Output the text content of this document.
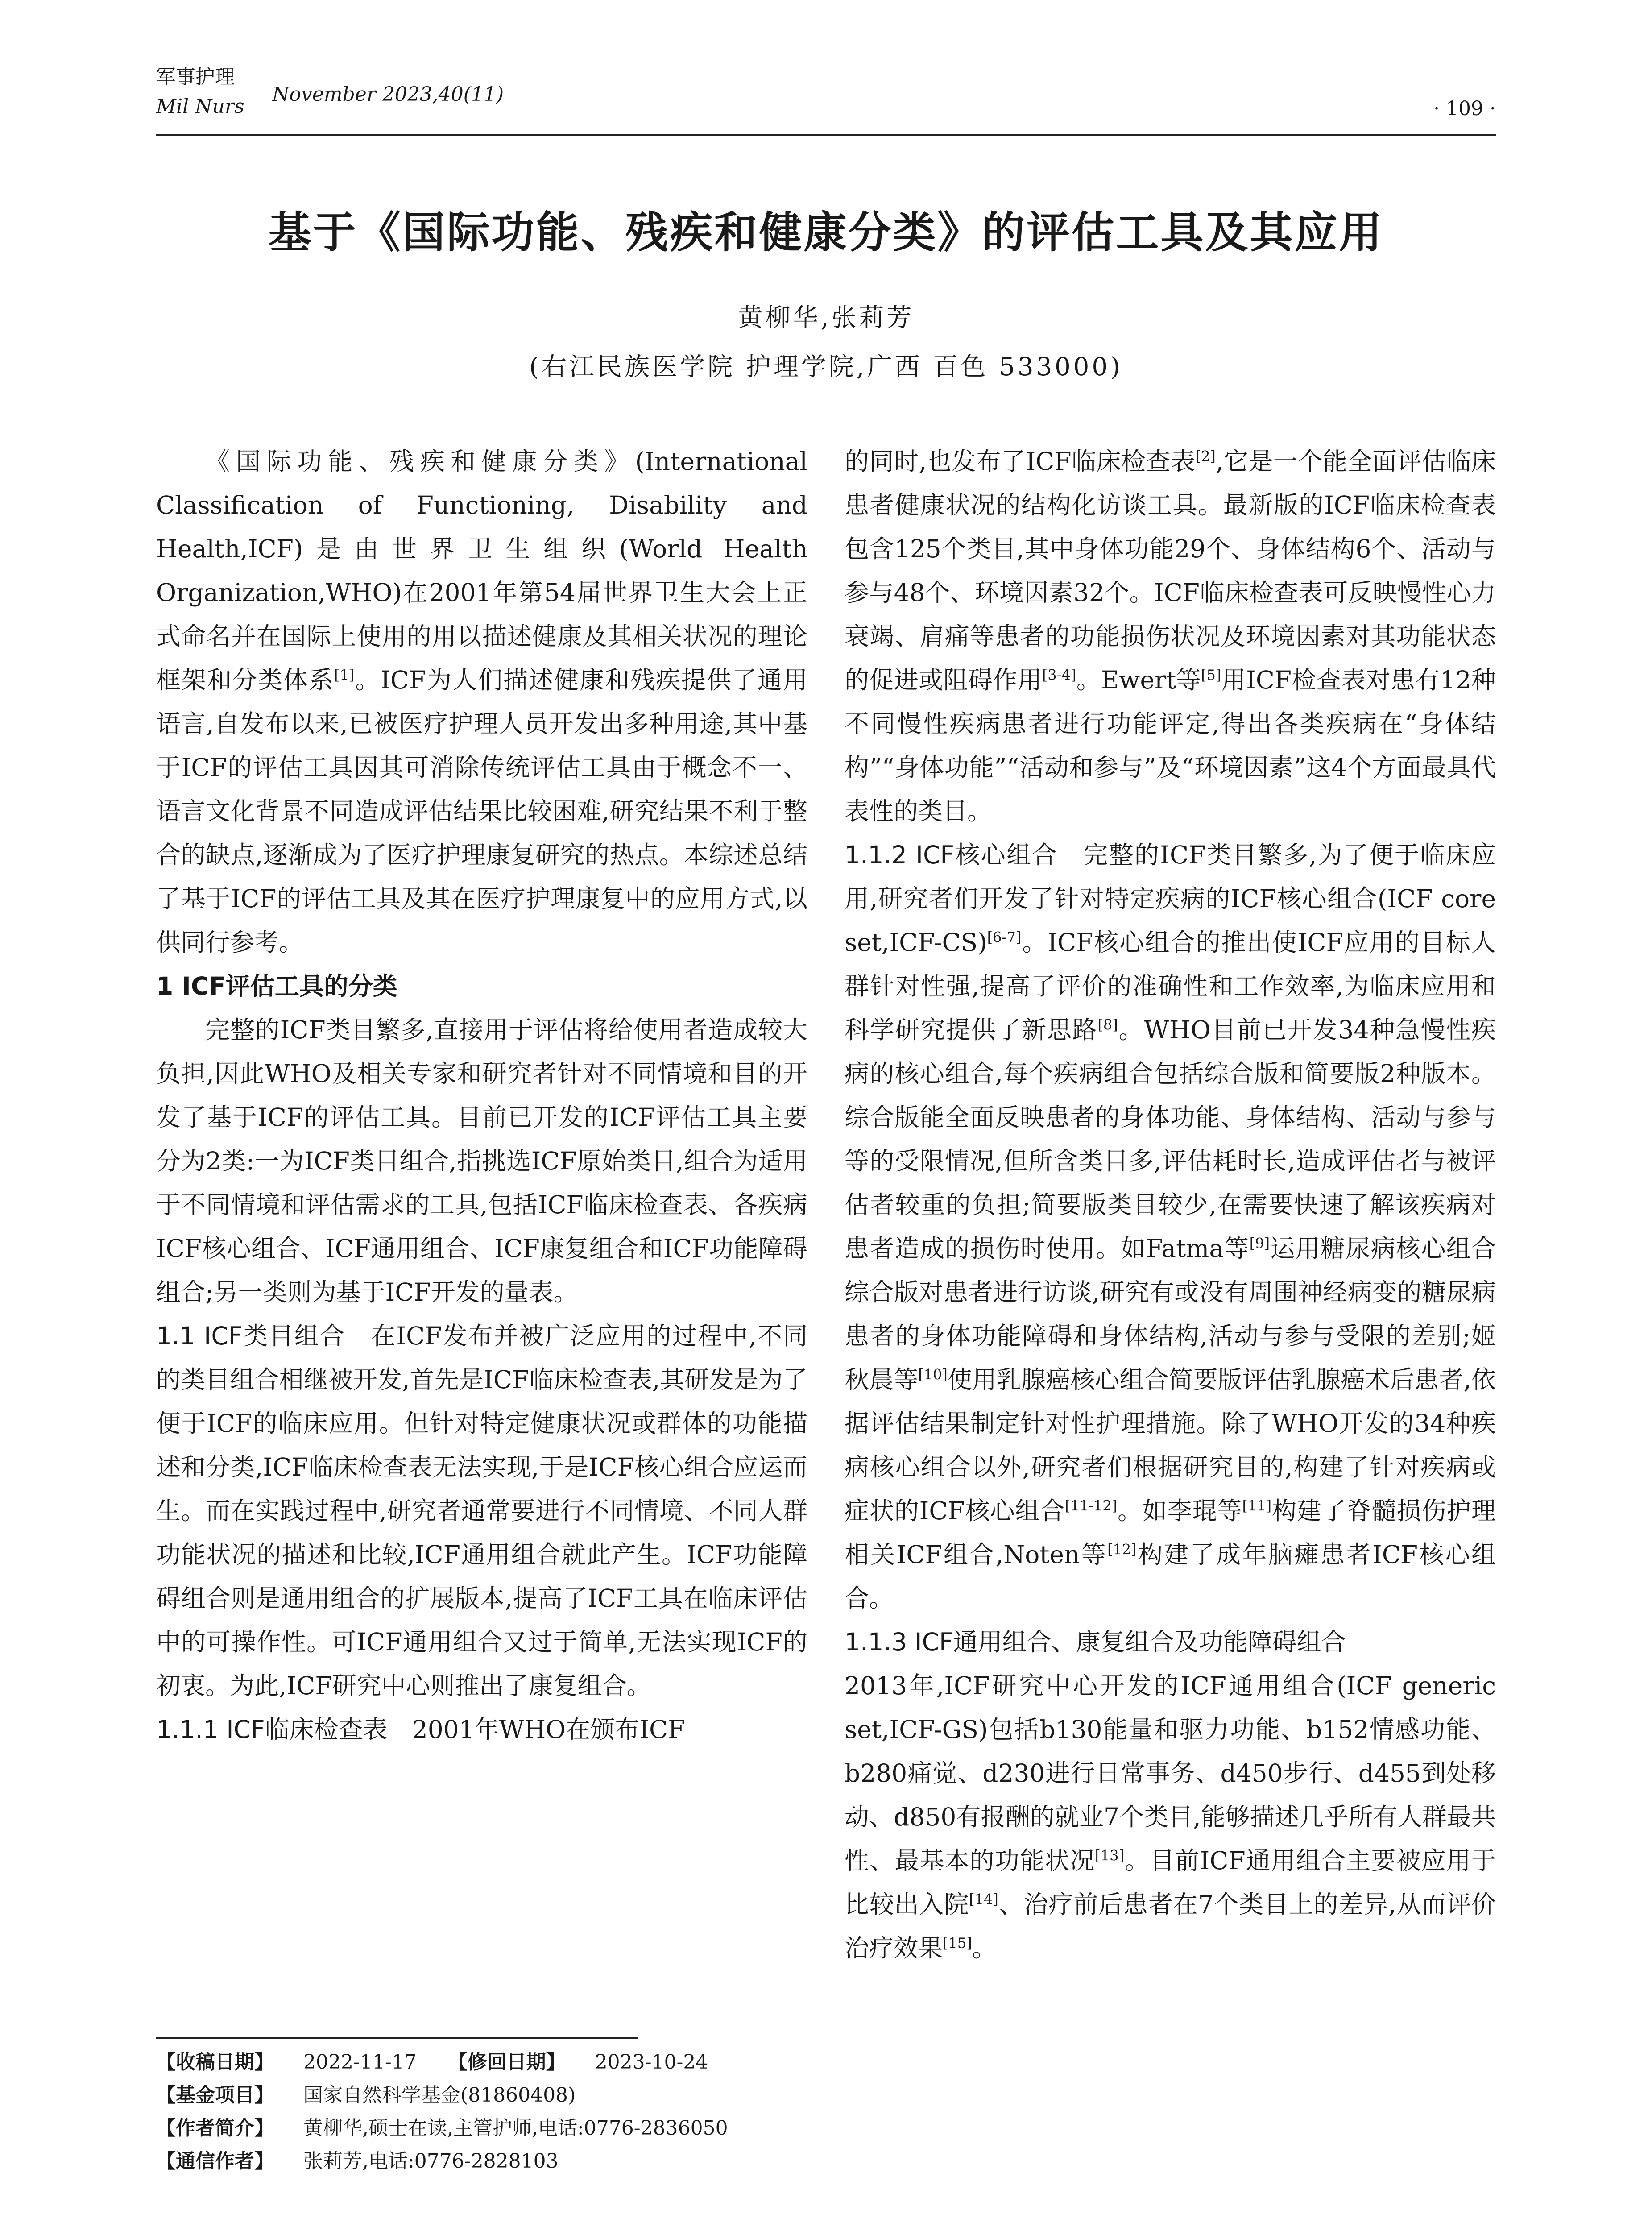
军事护理
Mil Nurs
November 2023,40(11)
· 109 ·
基于《国际功能、残疾和健康分类》的评估工具及其应用
黄柳华,张莉芳
(右江民族医学院 护理学院,广西 百色 533000)

《国际功能、残疾和健康分类》(International Classification of Functioning, Disability and Health,ICF)是由世界卫生组织(World Health Organization,WHO)在2001年第54届世界卫生大会上正式命名并在国际上使用的用以描述健康及其相关状况的理论框架和分类体系[1]。ICF为人们描述健康和残疾提供了通用语言,自发布以来,已被医疗护理人员开发出多种用途,其中基于ICF的评估工具因其可消除传统评估工具由于概念不一、语言文化背景不同造成评估结果比较困难,研究结果不利于整合的缺点,逐渐成为了医疗护理康复研究的热点。本综述总结了基于ICF的评估工具及其在医疗护理康复中的应用方式,以供同行参考。

1 ICF评估工具的分类

完整的ICF类目繁多,直接用于评估将给使用者造成较大负担,因此WHO及相关专家和研究者针对不同情境和目的开发了基于ICF的评估工具。目前已开发的ICF评估工具主要分为2类:一为ICF类目组合,指挑选ICF原始类目,组合为适用于不同情境和评估需求的工具,包括ICF临床检查表、各疾病ICF核心组合、ICF通用组合、ICF康复组合和ICF功能障碍组合;另一类则为基于ICF开发的量表。

1.1 ICF类目组合　 在ICF发布并被广泛应用的过程中,不同的类目组合相继被开发,首先是ICF临床检查表,其研发是为了便于ICF的临床应用。但针对特定健康状况或群体的功能描述和分类,ICF临床检查表无法实现,于是ICF核心组合应运而生。而在实践过程中,研究者通常要进行不同情境、不同人群功能状况的描述和比较,ICF通用组合就此产生。ICF功能障碍组合则是通用组合的扩展版本,提高了ICF工具在临床评估中的可操作性。可ICF通用组合又过于简单,无法实现ICF的初衷。为此,ICF研究中心则推出了康复组合。

1.1.1 ICF临床检查表　 2001年WHO在颁布ICF

的同时,也发布了ICF临床检查表[2],它是一个能全面评估临床患者健康状况的结构化访谈工具。最新版的ICF临床检查表包含125个类目,其中身体功能29个、身体结构6个、活动与参与48个、环境因素32个。ICF临床检查表可反映慢性心力衰竭、肩痛等患者的功能损伤状况及环境因素对其功能状态的促进或阻碍作用[3-4]。Ewert等[5]用ICF检查表对患有12种不同慢性疾病患者进行功能评定,得出各类疾病在“身体结构”“身体功能”“活动和参与”及“环境因素”这4个方面最具代表性的类目。

1.1.2 ICF核心组合　 完整的ICF类目繁多,为了便于临床应用,研究者们开发了针对特定疾病的ICF核心组合(ICF core set,ICF-CS)[6-7]。ICF核心组合的推出使ICF应用的目标人群针对性强,提高了评价的准确性和工作效率,为临床应用和科学研究提供了新思路[8]。WHO目前已开发34种急慢性疾病的核心组合,每个疾病组合包括综合版和简要版2种版本。综合版能全面反映患者的身体功能、身体结构、活动与参与等的受限情况,但所含类目多,评估耗时长,造成评估者与被评估者较重的负担;简要版类目较少,在需要快速了解该疾病对患者造成的损伤时使用。如Fatma等[9]运用糖尿病核心组合综合版对患者进行访谈,研究有或没有周围神经病变的糖尿病患者的身体功能障碍和身体结构,活动与参与受限的差别;姬秋晨等[10]使用乳腺癌核心组合简要版评估乳腺癌术后患者,依据评估结果制定针对性护理措施。除了WHO开发的34种疾病核心组合以外,研究者们根据研究目的,构建了针对疾病或症状的ICF核心组合[11-12]。如李琨等[11]构建了脊髓损伤护理相关ICF组合,Noten等[12]构建了成年脑瘫患者ICF核心组合。

1.1.3 ICF通用组合、康复组合及功能障碍组合

2013年,ICF研究中心开发的ICF通用组合(ICF generic set,ICF-GS)包括b130能量和驱力功能、b152情感功能、b280痛觉、d230进行日常事务、d450步行、d455到处移动、d850有报酬的就业7个类目,能够描述几乎所有人群最共性、最基本的功能状况[13]。目前ICF通用组合主要被应用于比较出入院[14]、治疗前后患者在7个类目上的差异,从而评价治疗效果[15]。

【收稿日期】 2022-11-17 【修回日期】 2023-10-24
【基金项目】 国家自然科学基金(81860408)
【作者简介】 黄柳华,硕士在读,主管护师,电话:0776-2836050
【通信作者】 张莉芳,电话:0776-2828103
